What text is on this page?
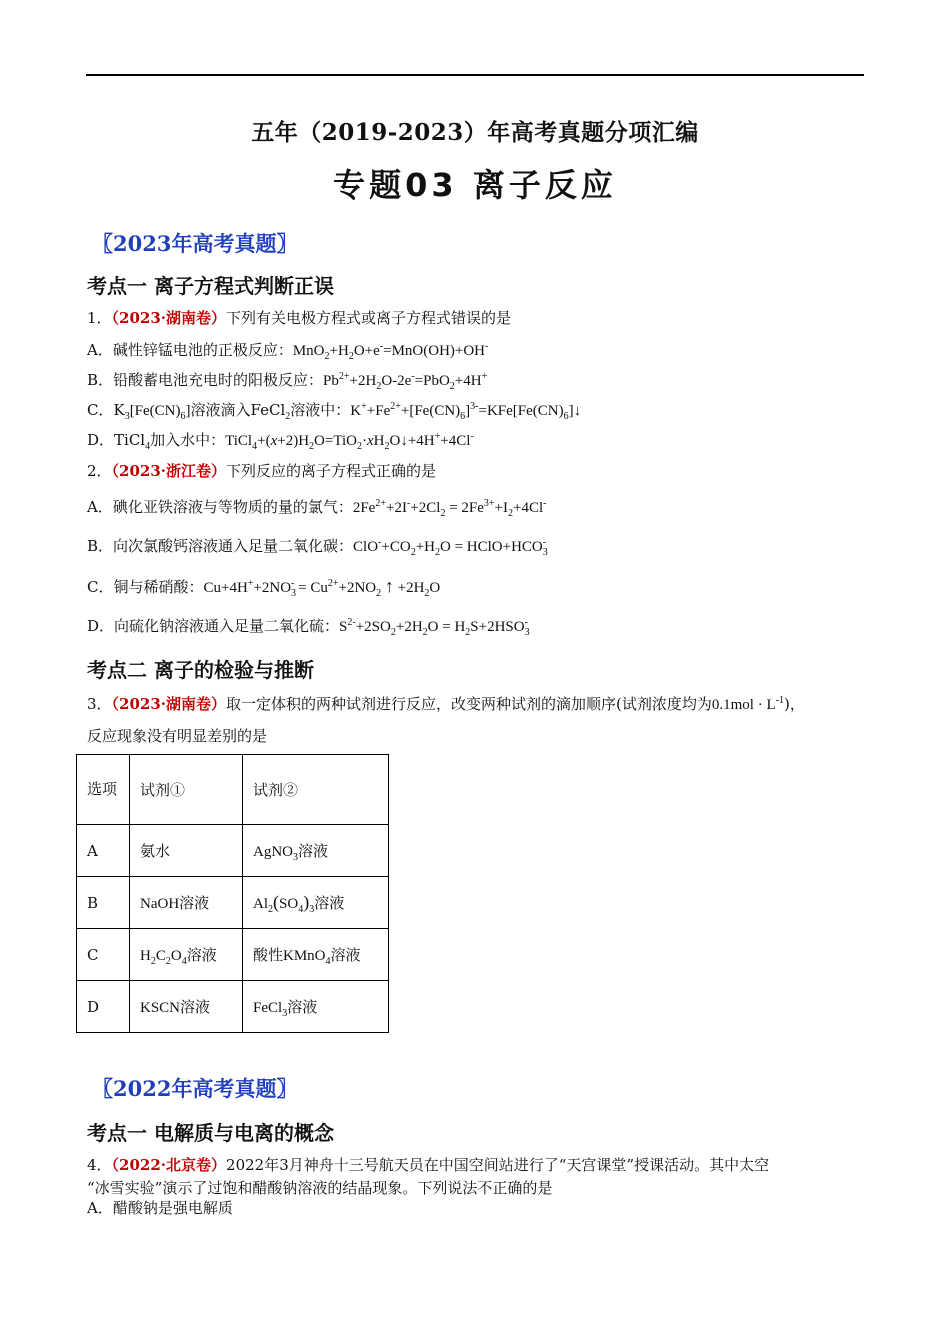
五年（2019-2023）年高考真题分项汇编
专题03 离子反应
〖2023年高考真题〗
考点一 离子方程式判断正误
1．（2023·湖南卷）下列有关电极方程式或离子方程式错误的是
A．碱性锌锰电池的正极反应：$MnO_2+H_2O+e^-=MnO(OH)+OH^-$
B．铅酸蓄电池充电时的阳极反应：$Pb^{2+}+2H_2O-2e^-=PbO_2+4H^+$
C．$K_3[Fe(CN)_6]$溶液滴入FeCl$_2$溶液中：$K^++Fe^{2+}+[Fe(CN)_6]^{3-}=KFe[Fe(CN)_6]↓$
D．TiCl$_4$加入水中：$TiCl_4+(x+2)H_2O=TiO_2\cdot xH_2O↓+4H^++4Cl^-$
2．（2023·浙江卷）下列反应的离子方程式正确的是
A．碘化亚铁溶液与等物质的量的氯气：$2Fe^{2+}+2I^-+2Cl_2 = 2Fe^{3+}+I_2+4Cl^-$
B．向次氯酸钙溶液通入足量二氧化碳：$ClO^-+CO_2+H_2O$ = $HClO+HCO_3^-$
C．铜与稀硝酸：$Cu+4H^++2NO_3^- = Cu^{2+}+2NO_2$ ↑ $+2H_2O$
D．向硫化钠溶液通入足量二氧化硫：$S^{2-}+2SO_2+2H_2O = H_2S+2HSO_3^-$
考点二 离子的检验与推断
3．（2023·湖南卷）取一定体积的两种试剂进行反应，改变两种试剂的滴加顺序(试剂浓度均为$0.1mol \cdot L^{-1}$)，
反应现象没有明显差别的是
选项	试剂①	试剂②
A	氨水	AgNO$_3$溶液
B	NaOH溶液	$Al_2(SO_4)_3$溶液
C	$H_2C_2O_4$溶液	酸性KMnO$_4$溶液
D	KSCN溶液	FeCl$_3$溶液
〖2022年高考真题〗
考点一 电解质与电离的概念
4．（2022·北京卷）2022年3月神舟十三号航天员在中国空间站进行了“天宫课堂”授课活动。其中太空
“冰雪实验”演示了过饱和醋酸钠溶液的结晶现象。下列说法不正确的是
A．醋酸钠是强电解质
